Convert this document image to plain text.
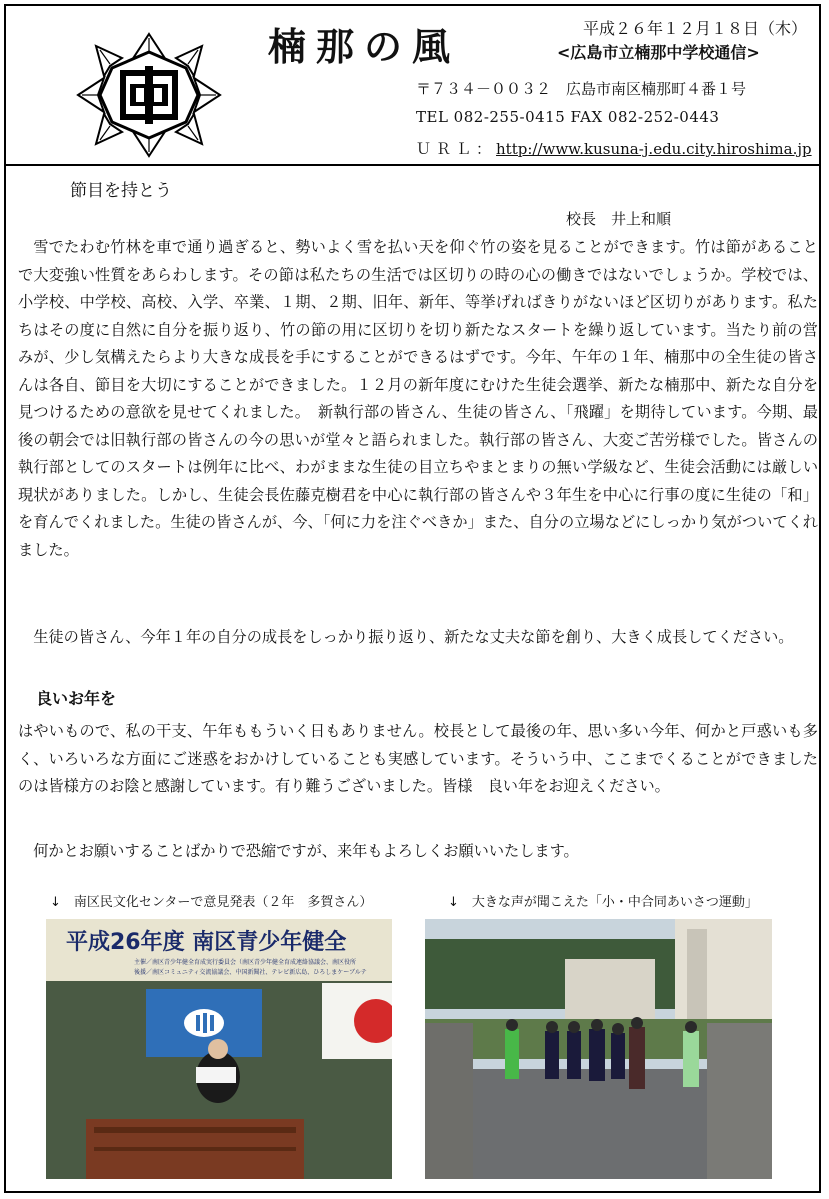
楠那の風	平成２６年１２月１８日（木）
<広島市立楠那中学校通信>
〒７３４－００３２　広島市南区楠那町４番１号
TEL 082-255-0415 FAX 082-252-0443
ＵＲＬ：http://www.kusuna-j.edu.city.hiroshima.jp
節目を持とう
校長　井上和順

雪でたわむ竹林を車で通り過ぎると、勢いよく雪を払い天を仰ぐ竹の姿を見ることができます。竹は節があることで大変強い性質をあらわします。その節は私たちの生活では区切りの時の心の働きではないでしょうか。学校では、小学校、中学校、高校、入学、卒業、１期、２期、旧年、新年、等挙げればきりがないほど区切りがあります。私たちはその度に自然に自分を振り返り、竹の節の用に区切りを切り新たなスタートを繰り返しています。当たり前の営みが、少し気構えたらより大きな成長を手にすることができるはずです。今年、午年の１年、楠那中の全生徒の皆さんは各自、節目を大切にすることができました。１２月の新年度にむけた生徒会選挙、新たな楠那中、新たな自分を見つけるための意欲を見せてくれました。　新執行部の皆さん、生徒の皆さん、「飛躍」を期待しています。今期、最後の朝会では旧執行部の皆さんの今の思いが堂々と語られました。執行部の皆さん、大変ご苦労様でした。皆さんの執行部としてのスタートは例年に比べ、わがままな生徒の目立ちやまとまりの無い学級など、生徒会活動には厳しい現状がありました。しかし、生徒会長佐藤克樹君を中心に執行部の皆さんや３年生を中心に行事の度に生徒の「和」を育んでくれました。生徒の皆さんが、今、「何に力を注ぐべきか」また、自分の立場などにしっかり気がついてくれました。

生徒の皆さん、今年１年の自分の成長をしっかり振り返り、新たな丈夫な節を創り、大きく成長してください。

良いお年を

はやいもので、私の干支、午年ももういく日もありません。校長として最後の年、思い多い今年、何かと戸惑いも多く、いろいろな方面にご迷惑をおかけしていることも実感しています。そういう中、ここまでくることができましたのは皆様方のお陰と感謝しています。有り難うございました。皆様　良い年をお迎えください。

何かとお願いすることばかりで恐縮ですが、来年もよろしくお願いいたします。

↓　南区民文化センターで意見発表（２年　多賀さん）	↓　大きな声が聞こえた「小・中合同あいさつ運動」
平成26年度 南区青少年健全
主催／南区青少年健全育成実行委員会（南区青少年健全育成連絡協議会、南区役所
後援／南区コミュニティ交流協議会、中国新聞社、テレビ新広島、ひろしまケーブルテ
